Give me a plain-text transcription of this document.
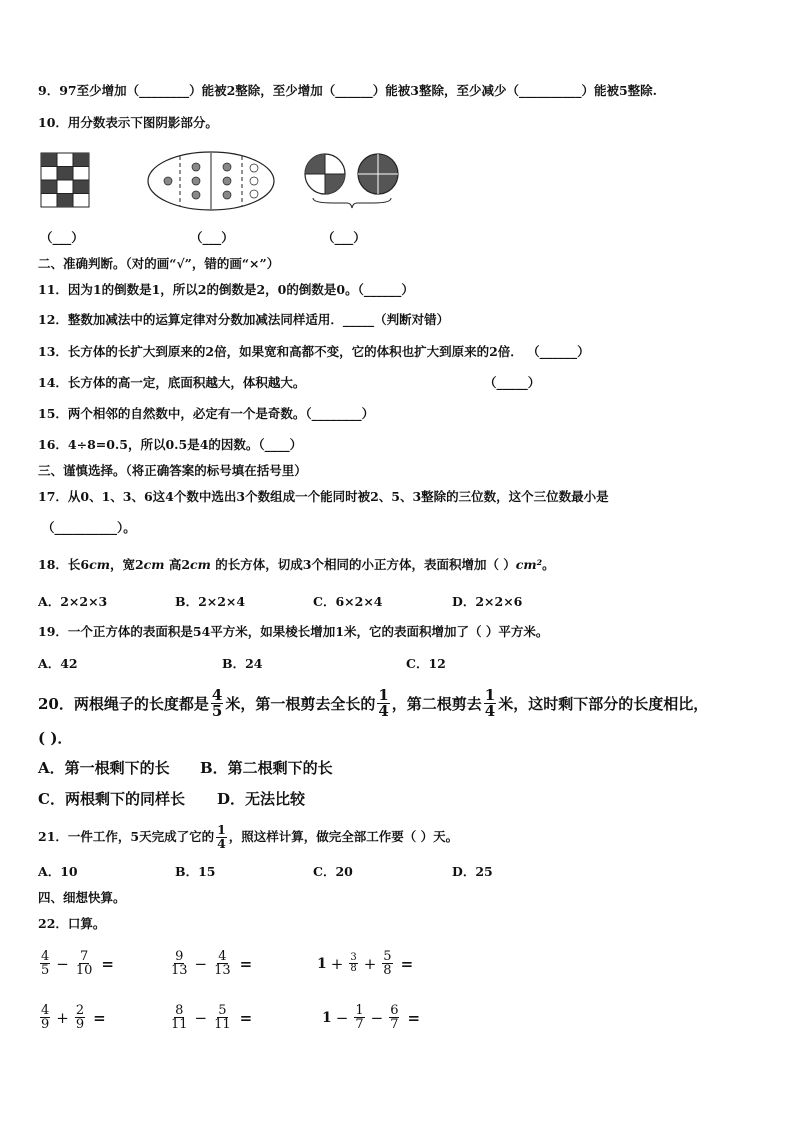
9．97至少增加（________）能被2整除，至少增加（______）能被3整除，至少减少（__________）能被5整除.
10．用分数表示下图阴影部分。
（___）	（___）	（___）
二、准确判断。（对的画“√”，错的画“×”）
11．因为1的倒数是1，所以2的倒数是2，0的倒数是0。（______）
12．整数加减法中的运算定律对分数加减法同样适用．_____（判断对错）
13．长方体的长扩大到原来的2倍，如果宽和高都不变，它的体积也扩大到原来的2倍． （______）
14．长方体的高一定，底面积越大，体积越大。	（_____）
15．两个相邻的自然数中，必定有一个是奇数。（________）
16．4÷8=0.5，所以0.5是4的因数。（____）
三、谨慎选择。（将正确答案的标号填在括号里）
17．从0、1、3、6这4个数中选出3个数组成一个能同时被2、5、3整除的三位数，这个三位数最小是
（__________）。
18．长6cm，宽2cm 高2cm 的长方体，切成3个相同的小正方体，表面积增加（ ）cm²。
A．2×2×3	B．2×2×4	C．6×2×4	D．2×2×6
19．一个正方体的表面积是54平方米，如果棱长增加1米，它的表面积增加了（ ）平方米。
A．42	B．24	C．12
20．两根绳子的长度都是 $\frac{4}{5}$ 米，第一根剪去全长的 $\frac{1}{4}$ ，第二根剪去 $\frac{1}{4}$ 米，这时剩下部分的长度相比，
( )．
A．第一根剩下的长 B．第二根剩下的长
C．两根剩下的同样长 D．无法比较
21．一件工作，5天完成了它的 $\frac{1}{4}$ ，照这样计算，做完全部工作要（ ）天。
A．10	B．15	C．20	D．25
四、细想快算。
22．口算。
$\frac{4}{5} - \frac{7}{10}$ =	$\frac{9}{13} - \frac{4}{13}$ =	$1 + \frac{3}{8} + \frac{5}{8}$ =
$\frac{4}{9} + \frac{2}{9}$ =	$\frac{8}{11} - \frac{5}{11}$ =	$1 - \frac{1}{7} - \frac{6}{7}$ =
